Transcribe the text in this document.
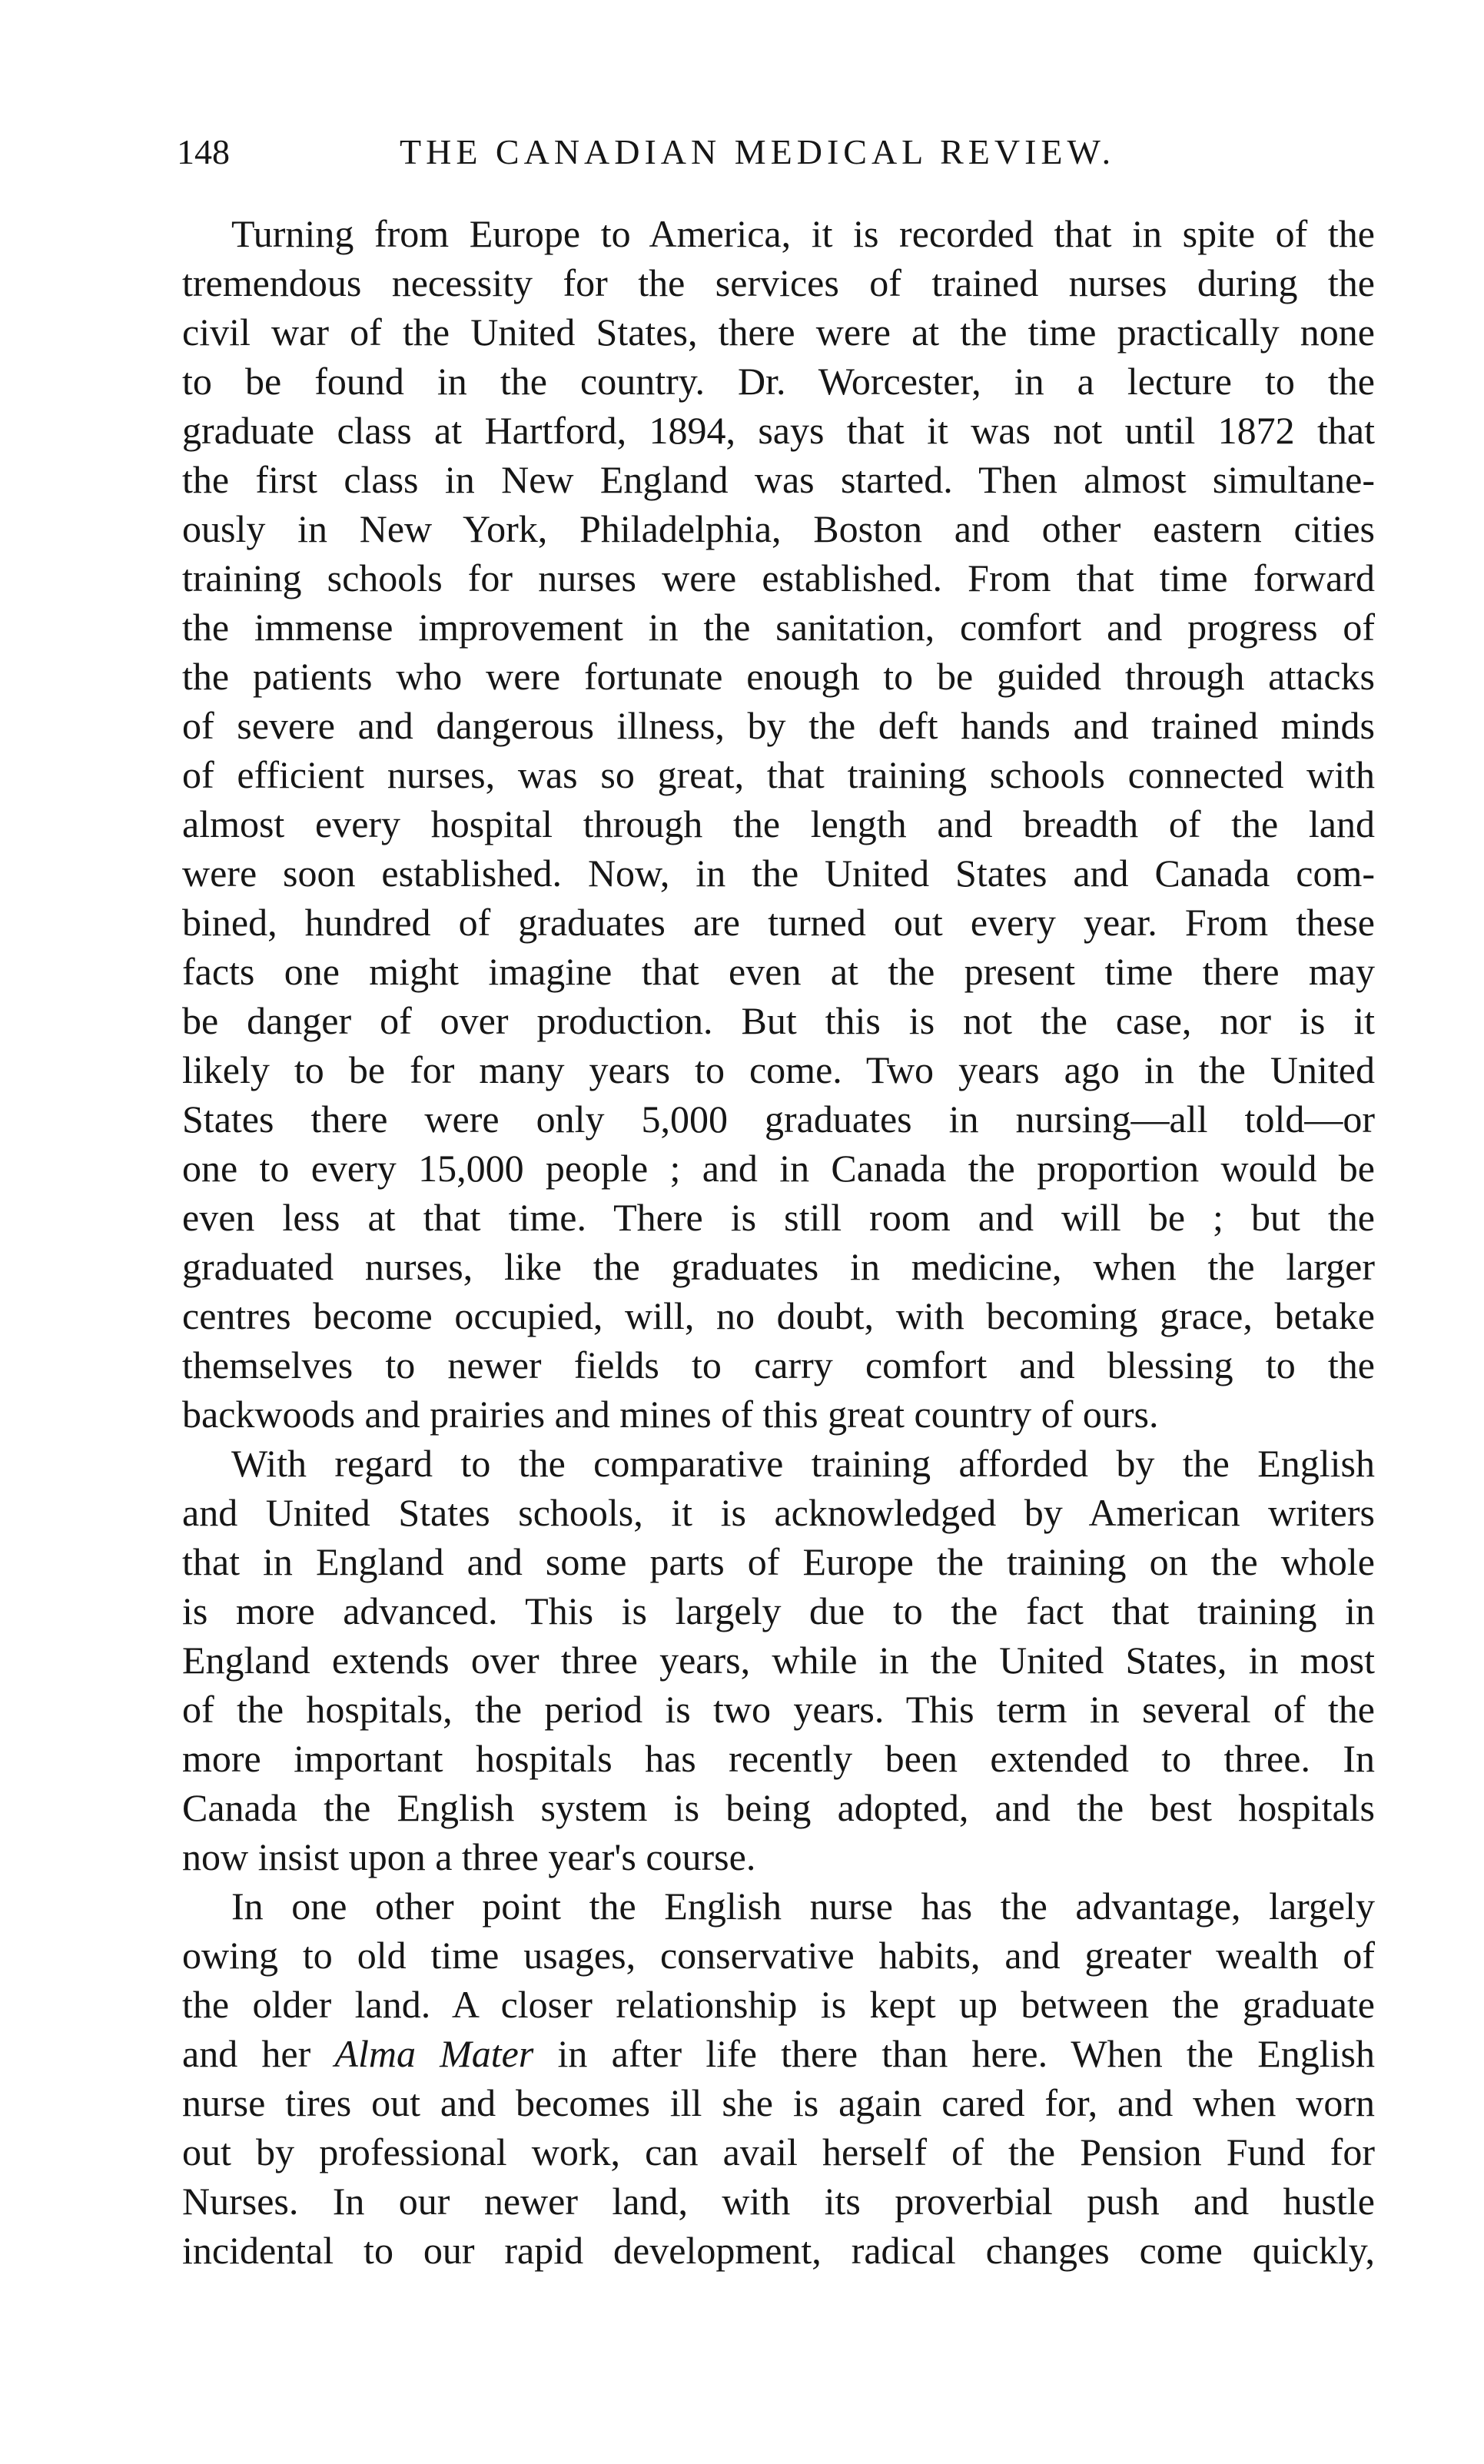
148	THE CANADIAN MEDICAL REVIEW.
Turning from Europe to America, it is recorded that in spite of the
tremendous necessity for the services of trained nurses during the
civil war of the United States, there were at the time practically none
to be found in the country. Dr. Worcester, in a lecture to the
graduate class at Hartford, 1894, says that it was not until 1872 that
the first class in New England was started. Then almost simultane-
ously in New York, Philadelphia, Boston and other eastern cities
training schools for nurses were established. From that time forward
the immense improvement in the sanitation, comfort and progress of
the patients who were fortunate enough to be guided through attacks
of severe and dangerous illness, by the deft hands and trained minds
of efficient nurses, was so great, that training schools connected with
almost every hospital through the length and breadth of the land
were soon established. Now, in the United States and Canada com-
bined, hundred of graduates are turned out every year. From these
facts one might imagine that even at the present time there may
be danger of over production. But this is not the case, nor is it
likely to be for many years to come. Two years ago in the United
States there were only 5,000 graduates in nursing—all told—or
one to every 15,000 people ; and in Canada the proportion would be
even less at that time. There is still room and will be ; but the
graduated nurses, like the graduates in medicine, when the larger
centres become occupied, will, no doubt, with becoming grace, betake
themselves to newer fields to carry comfort and blessing to the
backwoods and prairies and mines of this great country of ours.
With regard to the comparative training afforded by the English
and United States schools, it is acknowledged by American writers
that in England and some parts of Europe the training on the whole
is more advanced. This is largely due to the fact that training in
England extends over three years, while in the United States, in most
of the hospitals, the period is two years. This term in several of the
more important hospitals has recently been extended to three. In
Canada the English system is being adopted, and the best hospitals
now insist upon a three year's course.
In one other point the English nurse has the advantage, largely
owing to old time usages, conservative habits, and greater wealth of
the older land. A closer relationship is kept up between the graduate
and her Alma Mater in after life there than here. When the English
nurse tires out and becomes ill she is again cared for, and when worn
out by professional work, can avail herself of the Pension Fund for
Nurses. In our newer land, with its proverbial push and hustle
incidental to our rapid development, radical changes come quickly,
